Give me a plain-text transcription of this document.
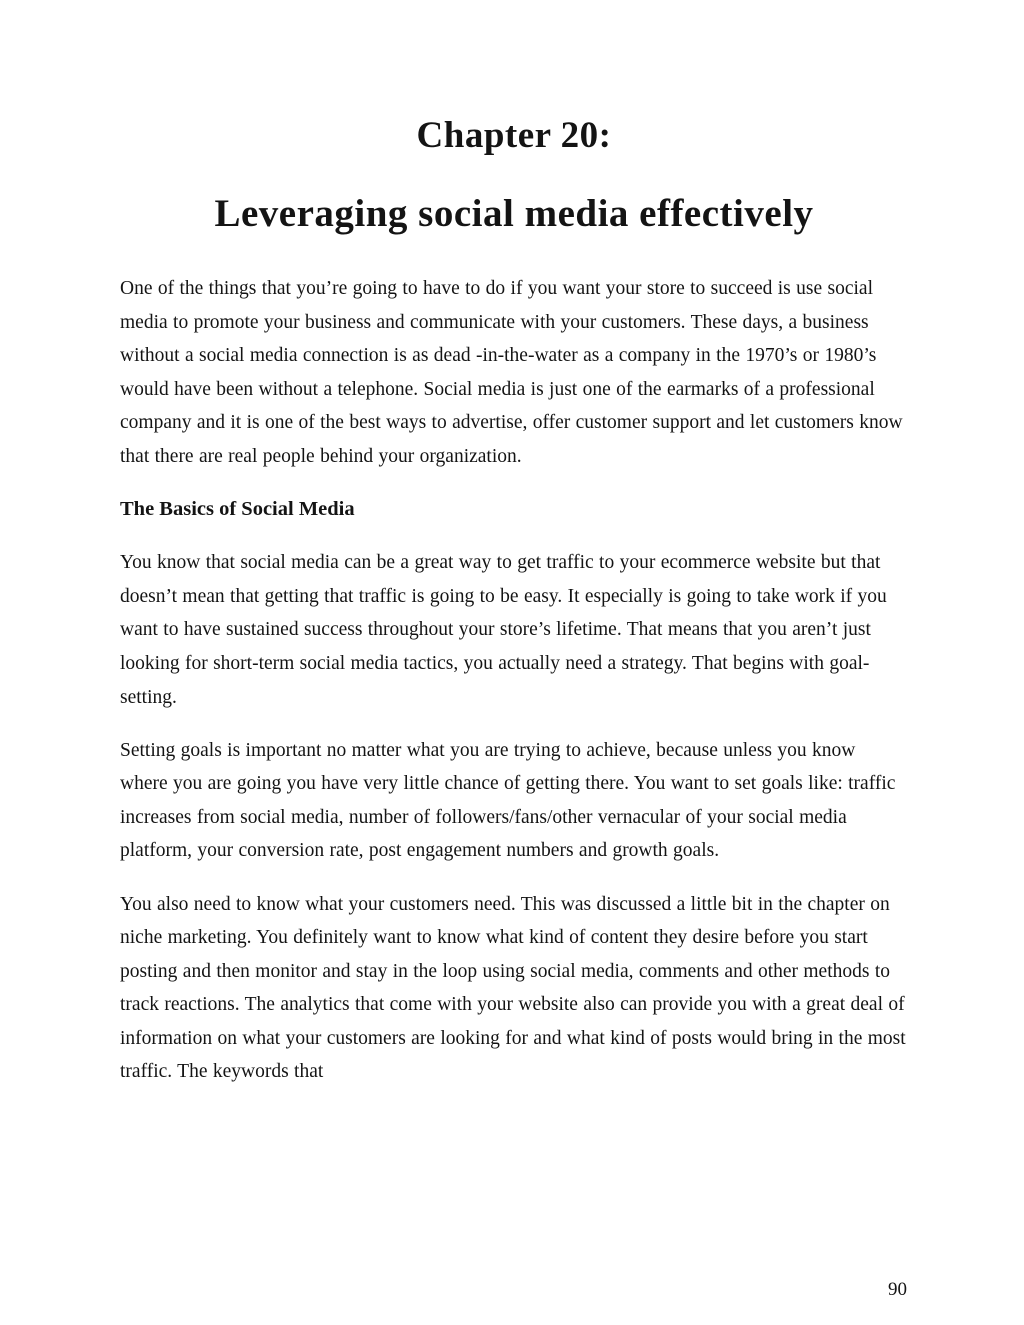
Chapter 20:
Leveraging social media effectively

One of the things that you’re going to have to do if you want your store to succeed is use social media to promote your business and communicate with your customers. These days, a business without a social media connection is as dead -in-the-water as a company in the 1970’s or 1980’s would have been without a telephone. Social media is just one of the earmarks of a professional company and it is one of the best ways to advertise, offer customer support and let customers know that there are real people behind your organization.

The Basics of Social Media

You know that social media can be a great way to get traffic to your ecommerce website but that doesn’t mean that getting that traffic is going to be easy. It especially is going to take work if you want to have sustained success throughout your store’s lifetime. That means that you aren’t just looking for short-term social media tactics, you actually need a strategy. That begins with goal-setting.

Setting goals is important no matter what you are trying to achieve, because unless you know where you are going you have very little chance of getting there. You want to set goals like: traffic increases from social media, number of followers/fans/other vernacular of your social media platform, your conversion rate, post engagement numbers and growth goals.

You also need to know what your customers need. This was discussed a little bit in the chapter on niche marketing. You definitely want to know what kind of content they desire before you start posting and then monitor and stay in the loop using social media, comments and other methods to track reactions. The analytics that come with your website also can provide you with a great deal of information on what your customers are looking for and what kind of posts would bring in the most traffic. The keywords that

90
